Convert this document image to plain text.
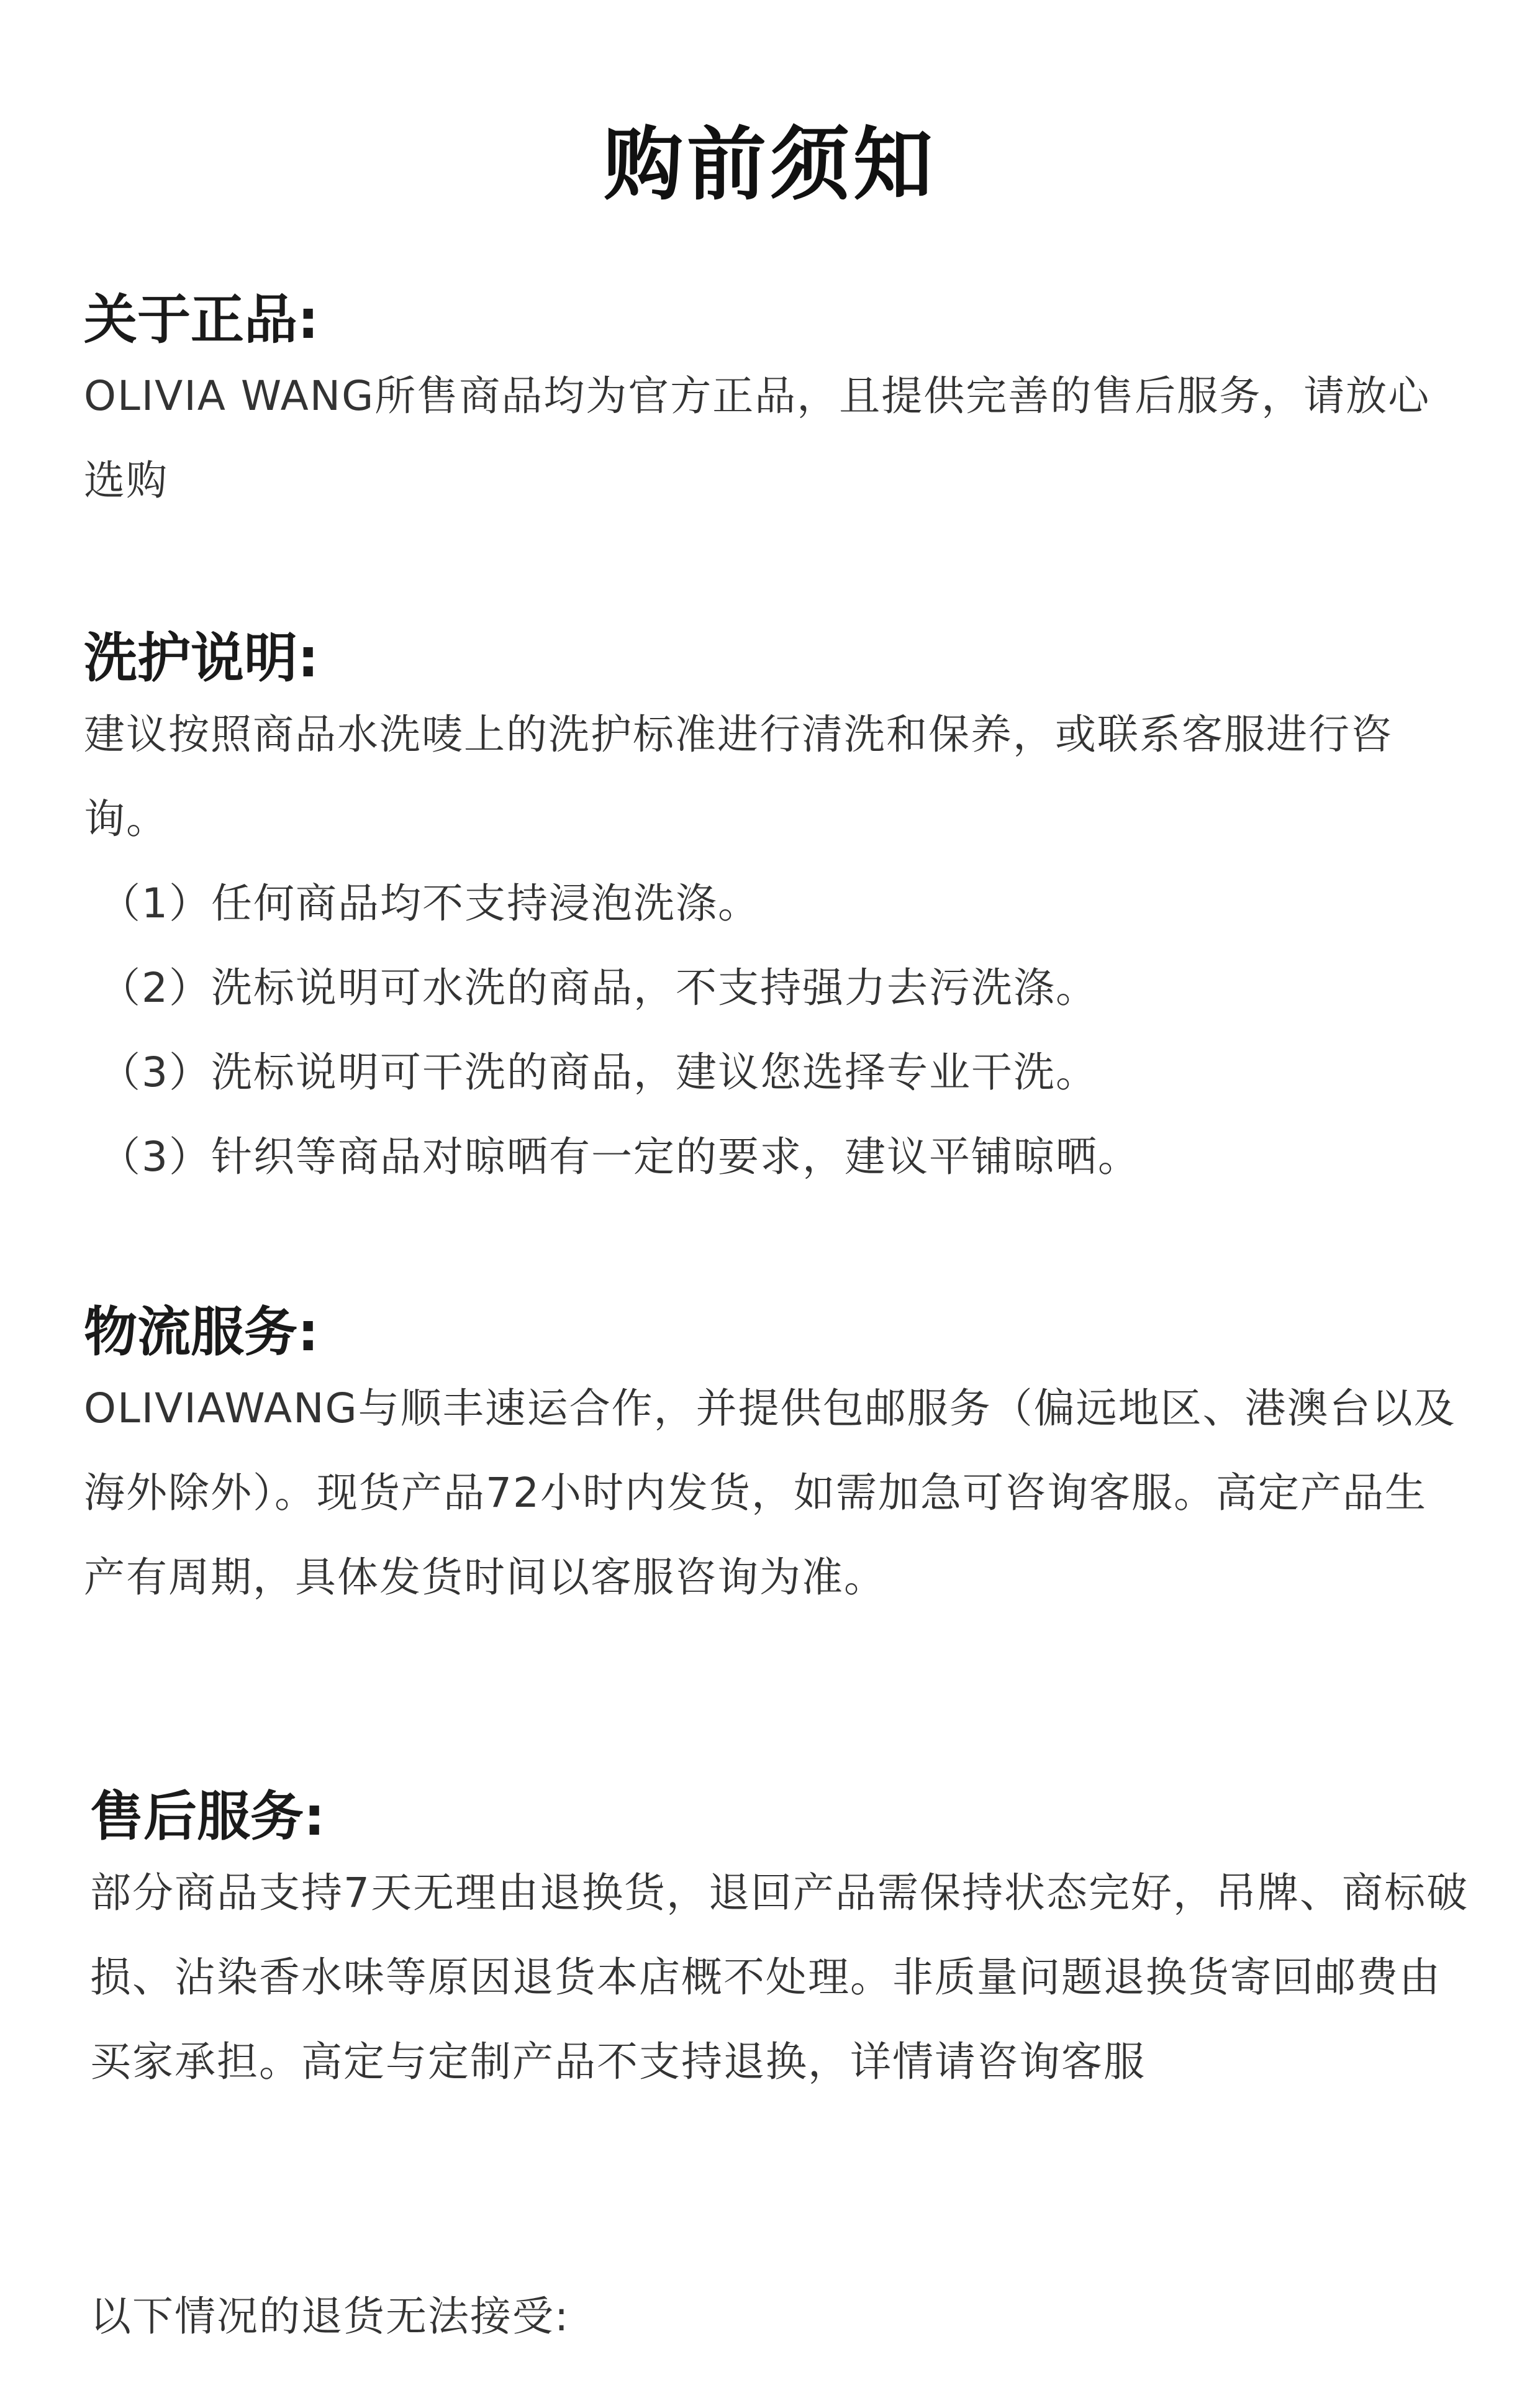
购前须知
关于正品:

OLIVIA WANG所售商品均为官方正品，且提供完善的售后服务，请放心选购

洗护说明:

建议按照商品水洗唛上的洗护标准进行清洗和保养，或联系客服进行咨询。

（1）任何商品均不支持浸泡洗涤。
（2）洗标说明可水洗的商品，不支持强力去污洗涤。
（3）洗标说明可干洗的商品，建议您选择专业干洗。
（3）针织等商品对晾晒有一定的要求，建议平铺晾晒。
物流服务:

OLIVIAWANG与顺丰速运合作，并提供包邮服务（偏远地区、港澳台以及海外除外）。现货产品72小时内发货，如需加急可咨询客服。高定产品生产有周期，具体发货时间以客服咨询为准。

售后服务:

部分商品支持7天无理由退换货，退回产品需保持状态完好，吊牌、商标破损、沾染香水味等原因退货本店概不处理。非质量问题退换货寄回邮费由买家承担。高定与定制产品不支持退换，详情请咨询客服

以下情况的退货无法接受:
